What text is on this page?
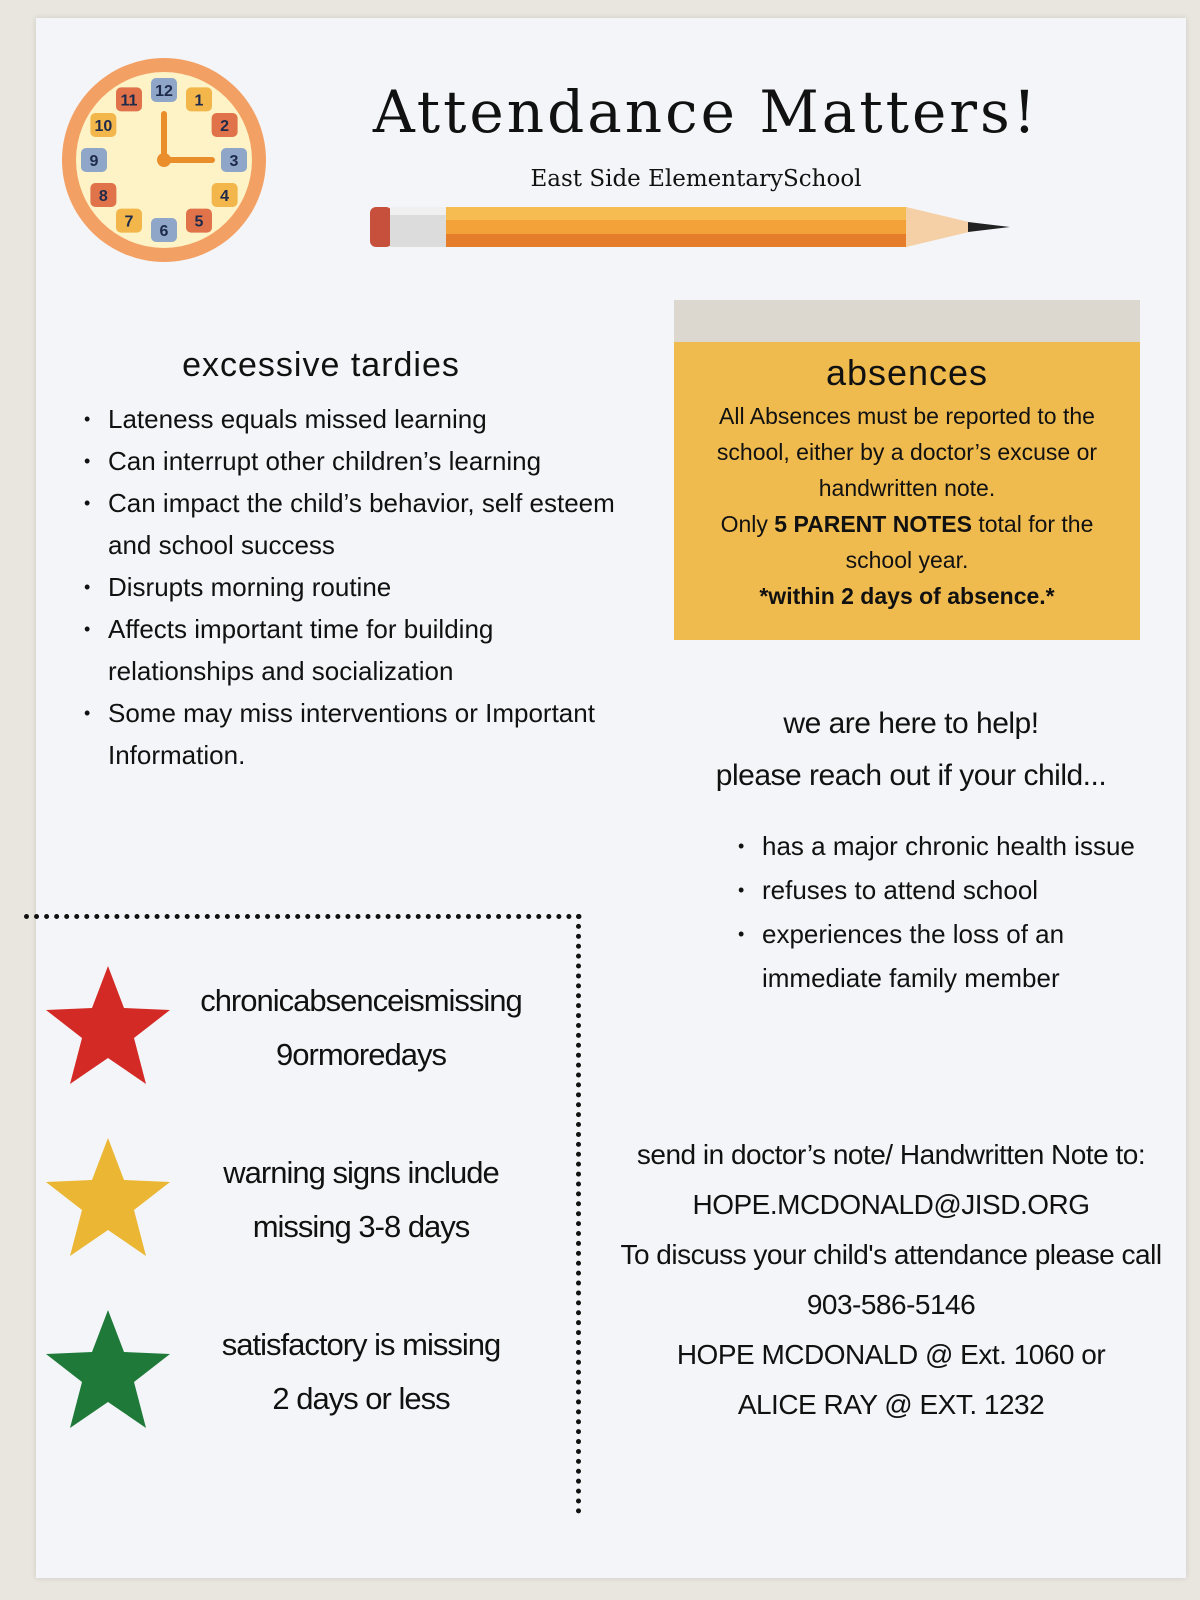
12
1
2
3
4
5
6
7
8
9
10
11	Attendance Matters!
East Side ElementarySchool
excessive tardies
• Lateness equals missed learning
• Can interrupt other children’s learning
• Can impact the child’s behavior, self esteem and school success
• Disrupts morning routine
• Affects important time for building relationships and socialization
• Some may miss interventions or Important Information.
absences

All Absences must be reported to the school, either by a doctor’s excuse or handwritten note.

Only 5 PARENT NOTES total for the school year.

*within 2 days of absence.*

we are here to help!
please reach out if your child...
• has a major chronic health issue
• refuses to attend school
• experiences the loss of an immediate family member
send in doctor’s note/ Handwritten Note to:
HOPE.MCDONALD@JISD.ORG
To discuss your child's attendance please call
903-586-5146
HOPE MCDONALD @ Ext. 1060 or
ALICE RAY @ EXT. 1232
chronicabsenceismissing
9ormoredays
warning signs include
missing 3-8 days
satisfactory is missing
2 days or less
